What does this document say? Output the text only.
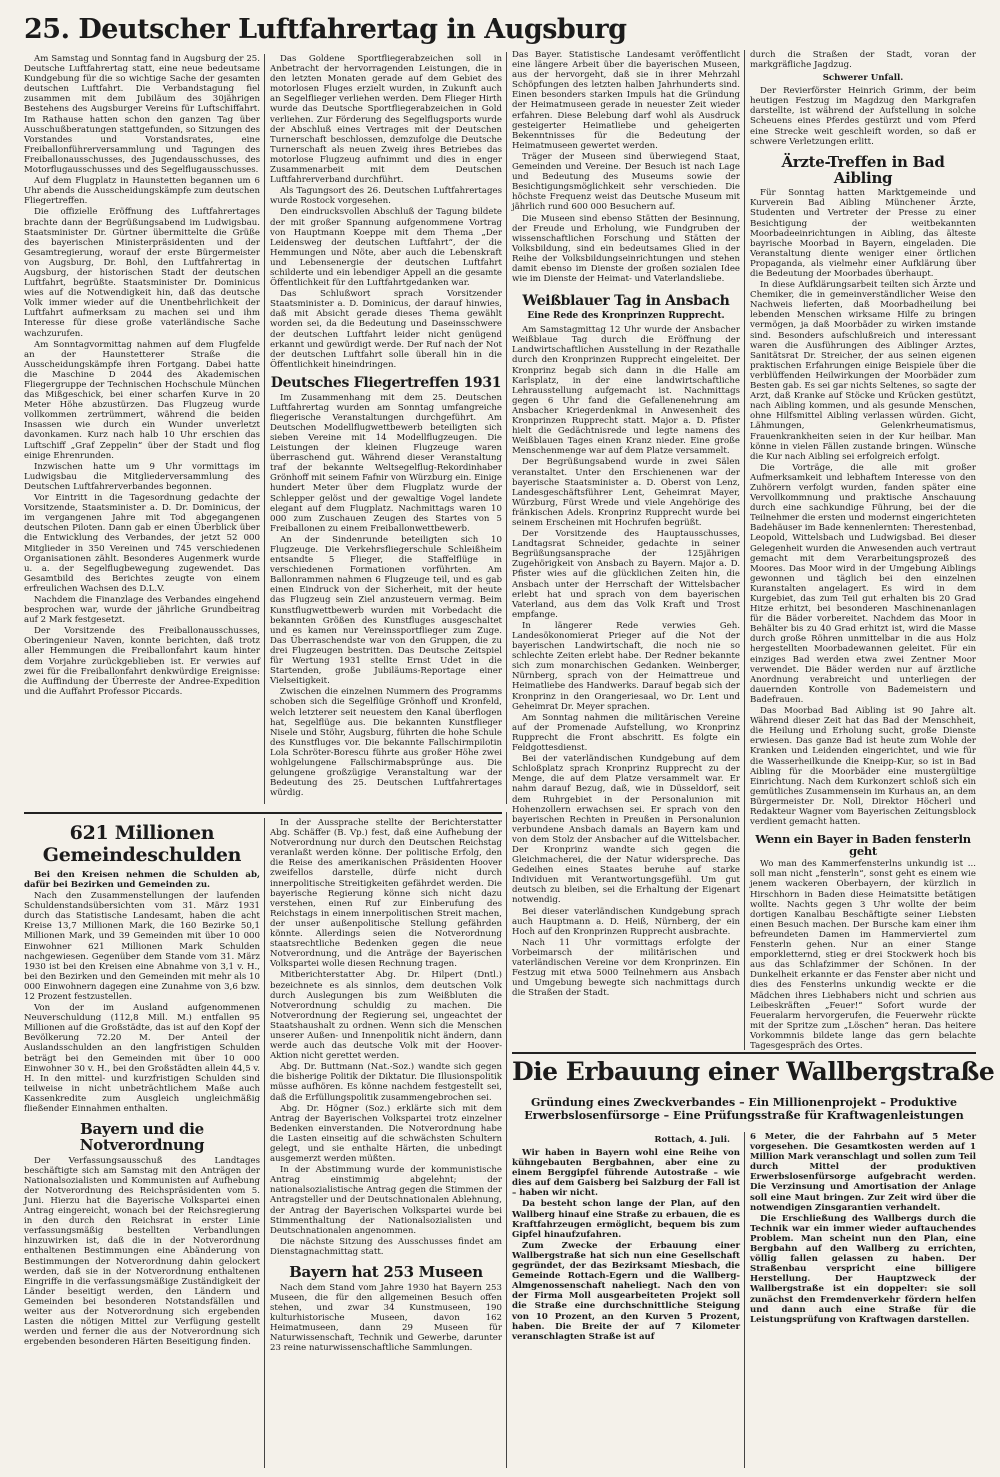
25. Deutscher Luftfahrertag in Augsburg

Am Samstag und Sonntag fand in Augsburg der 25. Deutsche Luftfahrertag statt, eine neue bedeutsame Kundgebung für die so wichtige Sache der gesamten deutschen Luftfahrt. Die Verbandstagung fiel zusammen mit dem Jubiläum des 30jährigen Bestehens des Augsburger Vereins für Luftschiffahrt. Im Rathause hatten schon den ganzen Tag über Ausschußberatungen stattgefunden, so Sitzungen des Vorstandes und Vorstandsrates, eine Freiballonführerversammlung und Tagungen des Freiballonausschusses, des Jugendausschusses, des Motorflugausschusses und des Segelflugausschusses.

Auf dem Flugplatz in Haunstetten begannen um 6 Uhr abends die Ausscheidungskämpfe zum deutschen Fliegertreffen.

Die offizielle Eröffnung des Luftfahrertages brachte dann der Begrüßungsabend im Ludwigsbau. Staatsminister Dr. Gürtner übermittelte die Grüße des bayerischen Ministerpräsidenten und der Gesamtregierung, worauf der erste Bürgermeister von Augsburg, Dr. Bohl, den Luftfahrertag in Augsburg, der historischen Stadt der deutschen Luftfahrt, begrüßte. Staatsminister Dr. Dominicus wies auf die Notwendigkeit hin, daß das deutsche Volk immer wieder auf die Unentbehrlichkeit der Luftfahrt aufmerksam zu machen sei und ihm Interesse für diese große vaterländische Sache wachzurufen.

Am Sonntagvormittag nahmen auf dem Flugfelde an der Haunstetterer Straße die Ausscheidungskämpfe ihren Fortgang. Dabei hatte die Maschine D 2044 des Akademischen Fliegergruppe der Technischen Hochschule München das Mißgeschick, bei einer scharfen Kurve in 20 Meter Höhe abzustürzen. Das Flugzeug wurde vollkommen zertrümmert, während die beiden Insassen wie durch ein Wunder unverletzt davonkamen. Kurz nach halb 10 Uhr erschien das Luftschiff „Graf Zeppelin“ über der Stadt und flog einige Ehrenrunden.

Inzwischen hatte um 9 Uhr vormittags im Ludwigsbau die Mitgliederversammlung des Deutschen Luftfahrerverbandes begonnen.

Vor Eintritt in die Tagesordnung gedachte der Vorsitzende, Staatsminister a. D. Dr. Dominicus, der im vergangenen Jahre mit Tod abgegangenen deutschen Piloten. Dann gab er einen Überblick über die Entwicklung des Verbandes, der jetzt 52 000 Mitglieder in 350 Vereinen und 745 verschiedenen Organisationen zählt. Besonderes Augenmerk wurde u. a. der Segelflugbewegung zugewendet. Das Gesamtbild des Berichtes zeugte von einem erfreulichen Wachsen des D.L.V.

Nachdem die Finanzlage des Verbandes eingehend besprochen war, wurde der jährliche Grundbeitrag auf 2 Mark festgesetzt.

Der Vorsitzende des Freiballonausschusses, Oberingenieur Naven, konnte berichten, daß trotz aller Hemmungen die Freiballonfahrt kaum hinter dem Vorjahre zurückgeblieben ist. Er verwies auf zwei für die Freiballonfahrt denkwürdige Ereignisse: die Auffindung der Überreste der Andree-Expedition und die Auffahrt Professor Piccards.

Das Goldene Sportfliegerabzeichen soll in Anbetracht der hervorragenden Leistungen, die in den letzten Monaten gerade auf dem Gebiet des motorlosen Fluges erzielt wurden, in Zukunft auch an Segelflieger verliehen werden. Dem Flieger Hirth wurde das Deutsche Sportfliegerabzeichen in Gold verliehen. Zur Förderung des Segelflugsports wurde der Abschluß eines Vertrages mit der Deutschen Turnerschaft beschlossen, demzufolge die Deutsche Turnerschaft als neuen Zweig ihres Betriebes das motorlose Flugzeug aufnimmt und dies in enger Zusammenarbeit mit dem Deutschen Luftfahrerverband durchführt.

Als Tagungsort des 26. Deutschen Luftfahrertages wurde Rostock vorgesehen.

Den eindrucksvollen Abschluß der Tagung bildete der mit großer Spannung aufgenommene Vortrag von Hauptmann Koeppe mit dem Thema „Der Leidensweg der deutschen Luftfahrt“, der die Hemmungen und Nöte, aber auch die Lebenskraft und Lebensenergie der deutschen Luftfahrt schilderte und ein lebendiger Appell an die gesamte Öffentlichkeit für den Luftfahrtgedanken war.

Das Schlußwort sprach Vorsitzender Staatsminister a. D. Dominicus, der darauf hinwies, daß mit Absicht gerade dieses Thema gewählt worden sei, da die Bedeutung und Daseinsschwere der deutschen Luftfahrt leider nicht genügend erkannt und gewürdigt werde. Der Ruf nach der Not der deutschen Luftfahrt solle überall hin in die Öffentlichkeit hineindringen.

Deutsches Fliegertreffen 1931

Im Zusammenhang mit dem 25. Deutschen Luftfahrertag wurden am Sonntag umfangreiche fliegerische Veranstaltungen durchgeführt. Am Deutschen Modellflugwettbewerb beteiligten sich sieben Vereine mit 14 Modellflugzeugen. Die Leistungen der kleinen Flugzeuge waren überraschend gut. Während dieser Veranstaltung traf der bekannte Weltsegelflug-Rekordinhaber Grönhoff mit seinem Fafnir von Würzburg ein. Einige hundert Meter über dem Flugplatz wurde der Schlepper gelöst und der gewaltige Vogel landete elegant auf dem Flugplatz. Nachmittags waren 10 000 zum Zuschauen Zeugen des Startes von 5 Freiballonen zu einem Freiballonwettbewerb.

An der Sindenrunde beteiligten sich 10 Flugzeuge. Die Verkehrsfliegerschule Schleißheim entsandte 5 Flieger, die Staffelflüge in verschiedenen Formationen vorführten. Am Ballonrammen nahmen 6 Flugzeuge teil, und es gab einen Eindruck von der Sicherheit, mit der heute das Flugzeug sein Ziel anzusteuern vermag. Beim Kunstflugwettbewerb wurden mit Vorbedacht die bekannten Größen des Kunstfluges ausgeschaltet und es kamen nur Vereinssportflieger zum Zuge. Das Überraschendste war von den Gruppen, die zu drei Flugzeugen bestritten. Das Deutsche Zeitspiel für Wertung 1931 stellte Ernst Udet in die Startenden, große Jubiläums-Reportage einer Vielseitigkeit.

Zwischen die einzelnen Nummern des Programms schoben sich die Segelflüge Grönhoff und Kronfeld, welch letzterer seit neuestem den Kanal überflogen hat, Segelflüge aus. Die bekannten Kunstflieger Nisele und Stöhr, Augsburg, führten die hohe Schule des Kunstfluges vor. Die bekannte Fallschirmpilotin Lola Schröter-Borescu führte aus großer Höhe zwei wohlgelungene Fallschirmabsprünge aus. Die gelungene großzügige Veranstaltung war der Bedeutung des 25. Deutschen Luftfahrertages würdig.

Das Bayer. Statistische Landesamt veröffentlicht eine längere Arbeit über die bayerischen Museen, aus der hervorgeht, daß sie in ihrer Mehrzahl Schöpfungen des letzten halben Jahrhunderts sind. Einen besonders starken Impuls hat die Gründung der Heimatmuseen gerade in neuester Zeit wieder erfahren. Diese Belebung darf wohl als Ausdruck gesteigerter Heimatliebe und geheigerten Bekenntnisses für die Bedeutung der Heimatmuseen gewertet werden.

Träger der Museen sind überwiegend Staat, Gemeinden und Vereine. Der Besuch ist nach Lage und Bedeutung des Museums sowie der Besichtigungsmöglichkeit sehr verschieden. Die höchste Frequenz weist das Deutsche Museum mit jährlich rund 600 000 Besuchern auf.

Die Museen sind ebenso Stätten der Besinnung, der Freude und Erholung, wie Fundgruben der wissenschaftlichen Forschung und Stätten der Volksbildung, sind ein bedeutsames Glied in der Reihe der Volksbildungseinrichtungen und stehen damit ebenso im Dienste der großen sozialen Idee wie im Dienste der Heimat- und Vaterlandsliebe.

Weißblauer Tag in Ansbach
Eine Rede des Kronprinzen Rupprecht.

Am Samstagmittag 12 Uhr wurde der Ansbacher Weißblaue Tag durch die Eröffnung der Landwirtschaftlichen Ausstellung in der Rezathalle durch den Kronprinzen Rupprecht eingeleitet. Der Kronprinz begab sich dann in die Halle am Karlsplatz, in der eine landwirtschaftliche Lehrausstellung aufgemacht ist. Nachmittags gegen 6 Uhr fand die Gefallenenehrung am Ansbacher Kriegerdenkmal in Anwesenheit des Kronprinzen Rupprecht statt. Major a. D. Pfister hielt die Gedächtnisrede und legte namens des Weißblauen Tages einen Kranz nieder. Eine große Menschenmenge war auf dem Platze versammelt.

Der Begrüßungsabend wurde in zwei Sälen veranstaltet. Unter den Erschienenen war der bayerische Staatsminister a. D. Oberst von Lenz, Landesgeschäftsführer Lent, Geheimrat Mayer, Würzburg, Fürst Wrede und viele Angehörige des fränkischen Adels. Kronprinz Rupprecht wurde bei seinem Erscheinen mit Hochrufen begrüßt.

Der Vorsitzende des Hauptausschusses, Landtagsrat Schneider, gedachte in seiner Begrüßungsansprache der 125jährigen Zugehörigkeit von Ansbach zu Bayern. Major a. D. Pfister wies auf die glücklichen Zeiten hin, die Ansbach unter der Herrschaft der Wittelsbacher erlebt hat und sprach von dem bayerischen Vaterland, aus dem das Volk Kraft und Trost empfange.

In längerer Rede verwies Geh. Landesökonomierat Prieger auf die Not der bayerischen Landwirtschaft, die noch nie so schlechte Zeiten erlebt habe. Der Redner bekannte sich zum monarchischen Gedanken. Weinberger, Nürnberg, sprach von der Heimattreue und Heimatliebe des Handwerks. Darauf begab sich der Kronprinz in den Orangeriesaal, wo Dr. Lent und Geheimrat Dr. Meyer sprachen.

Am Sonntag nahmen die militärischen Vereine auf der Promenade Aufstellung, wo Kronprinz Rupprecht die Front abschritt. Es folgte ein Feldgottesdienst.

Bei der vaterländischen Kundgebung auf dem Schloßplatz sprach Kronprinz Rupprecht zu der Menge, die auf dem Platze versammelt war. Er nahm darauf Bezug, daß, wie in Düsseldorf, seit dem Ruhrgebiet in der Personalunion mit Hohenzollern erwachsen sei. Er sprach von den bayerischen Rechten in Preußen in Personalunion verbundene Ansbach damals an Bayern kam und von dem Stolz der Ansbacher auf die Wittelsbacher. Der Kronprinz wandte sich gegen die Gleichmacherei, die der Natur widerspreche. Das Gedeihen eines Staates beruhe auf starke Individuen mit Verantwortungsgefühl. Um gut deutsch zu bleiben, sei die Erhaltung der Eigenart notwendig.

Bei dieser vaterländischen Kundgebung sprach auch Hauptmann a. D. Heiß, Nürnberg, der ein Hoch auf den Kronprinzen Rupprecht ausbrachte.

Nach 11 Uhr vormittags erfolgte der Vorbeimarsch der militärischen und vaterländischen Vereine vor dem Kronprinzen. Ein Festzug mit etwa 5000 Teilnehmern aus Ansbach und Umgebung bewegte sich nachmittags durch die Straßen der Stadt.

durch die Straßen der Stadt, voran der markgräfliche Jagdzug.

Schwerer Unfall.

Der Revierförster Heinrich Grimm, der beim heutigen Festzug im Magdzug den Markgrafen darstellte, ist während der Aufstellung in solche Scheuens eines Pferdes gestürzt und vom Pferd eine Strecke weit geschleift worden, so daß er schwere Verletzungen erlitt.

Ärzte-Treffen in Bad Aibling

Für Sonntag hatten Marktgemeinde und Kurverein Bad Aibling Münchener Ärzte, Studenten und Vertreter der Presse zu einer Besichtigung der weitbekannten Moorbadeeinrichtungen in Aibling, das älteste bayrische Moorbad in Bayern, eingeladen. Die Veranstaltung diente weniger einer örtlichen Propaganda, als vielmehr einer Aufklärung über die Bedeutung der Moorbades überhaupt.

In diese Aufklärungsarbeit teilten sich Ärzte und Chemiker, die in gemeinverständlicher Weise den Nachweis lieferten, daß Moorbadheilung bei lebenden Menschen wirksame Hilfe zu bringen vermögen, ja daß Moorbäder zu wirken imstande sind. Besonders aufschlußreich und interessant waren die Ausführungen des Aiblinger Arztes, Sanitätsrat Dr. Streicher, der aus seinen eigenen praktischen Erfahrungen einige Beispiele über die verblüffenden Heilwirkungen der Moorbäder zum Besten gab. Es sei gar nichts Seltenes, so sagte der Arzt, daß Kranke auf Stöcke und Krücken gestützt, nach Aibling kommen, und als gesunde Menschen, ohne Hilfsmittel Aibling verlassen würden. Gicht, Lähmungen, Gelenkrheumatismus, Frauenkrankheiten seien in der Kur heilbar. Man könne in vielen Fällen zustande bringen. Wünsche die Kur nach Aibling sei erfolgreich erfolgt.

Die Vorträge, die alle mit großer Aufmerksamkeit und lebhaftem Interesse von den Zuhörern verfolgt wurden, fanden später eine Vervollkommnung und praktische Anschauung durch eine sachkundige Führung, bei der die Teilnehmer die ersten und modernst eingerichteten Badehäuser im Bade kennenlernten: Therestenbad, Leopold, Wittelsbach und Ludwigsbad. Bei dieser Gelegenheit wurden die Anwesenden auch vertraut gemacht mit dem Verarbeitungsprozeß des Moores. Das Moor wird in der Umgebung Aiblings gewonnen und täglich bei den einzelnen Kuranstalten angelagert. Es wird in dem Kurgebiet, das zum Teil gut erhalten bis 20 Grad Hitze erhitzt, bei besonderen Maschinenanlagen für die Bäder vorbereitet. Nachdem das Moor in Behälter bis zu 40 Grad erhitzt ist, wird die Masse durch große Röhren unmittelbar in die aus Holz hergestellten Moorbadewannen geleitet. Für ein einziges Bad werden etwa zwei Zentner Moor verwendet. Die Bäder werden nur auf ärztliche Anordnung verabreicht und unterliegen der dauernden Kontrolle von Bademeistern und Badefrauen.

Das Moorbad Bad Aibling ist 90 Jahre alt. Während dieser Zeit hat das Bad der Menschheit, die Heilung und Erholung sucht, große Dienste erwiesen. Das ganze Bad ist heute zum Wohle der Kranken und Leidenden eingerichtet, und wie für die Wasserheilkunde die Kneipp-Kur, so ist in Bad Aibling für die Moorbäder eine mustergültige Einrichtung. Nach dem Kurkonzert schloß sich ein gemütliches Zusammensein im Kurhaus an, an dem Bürgermeister Dr. Noll, Direktor Höcherl und Redakteur Wagner vom Bayerischen Zeitungsblock verdient gemacht hatten.

Wenn ein Bayer in Baden fensterln geht

Wo man des Kammerfensterlns unkundig ist ... soll man nicht „fensterln“, sonst geht es einem wie jenem wackeren Oberbayern, der kürzlich in Hirschhorn in Baden diese Heimatsitte betätigen wollte. Nachts gegen 3 Uhr wollte der beim dortigen Kanalbau Beschäftigte seiner Liebsten einen Besuch machen. Der Bursche kam einer ihm befreundeten Damen im Hammerviertel zum Fensterln gehen. Nur an einer Stange emporkletternd, stieg er drei Stockwerk hoch bis aus das Schlafzimmer der Schönen. In der Dunkelheit erkannte er das Fenster aber nicht und dies des Fensterlns unkundig weckte er die Mädchen ihres Liebhabers nicht und schrien aus Leibeskräften „Feuer!“ Sofort wurde der Feueralarm hervorgerufen, die Feuerwehr rückte mit der Spritze zum „Löschen“ heran. Das heitere Vorkommnis bildete lange das gern belachte Tagesgespräch des Ortes.

621 Millionen
Gemeindeschulden

Bei den Kreisen nehmen die Schulden ab, dafür bei Bezirken und Gemeinden zu.

Nach den Zusammenstellungen der laufenden Schuldenstandsübersichten vom 31. März 1931 durch das Statistische Landesamt, haben die acht Kreise 13,7 Millionen Mark, die 160 Bezirke 50,1 Millionen Mark, und 39 Gemeinden mit über 10 000 Einwohner 621 Millionen Mark Schulden nachgewiesen. Gegenüber dem Stande vom 31. März 1930 ist bei den Kreisen eine Abnahme von 3,1 v. H., bei den Bezirken und den Gemeinden mit mehr als 10 000 Einwohnern dagegen eine Zunahme von 3,6 bzw. 12 Prozent festzustellen.

Von der im Ausland aufgenommenen Neuverschuldung (112,8 Mill. M.) entfallen 95 Millionen auf die Großstädte, das ist auf den Kopf der Bevölkerung 72.20 M. Der Anteil der Auslandsschulden an den langfristigen Schulden beträgt bei den Gemeinden mit über 10 000 Einwohner 30 v. H., bei den Großstädten allein 44,5 v. H. In den mittel- und kurzfristigen Schulden sind teilweise in nicht unbeträchtlichem Maße auch Kassenkredite zum Ausgleich ungleichmäßig fließender Einnahmen enthalten.

Bayern und die Notverordnung

Der Verfassungsausschuß des Landtages beschäftigte sich am Samstag mit den Anträgen der Nationalsozialisten und Kommunisten auf Aufhebung der Notverordnung des Reichspräsidenten vom 5. Juni. Hierzu hat die Bayerische Volkspartei einen Antrag eingereicht, wonach bei der Reichsregierung in den durch den Reichsrat in erster Linie verfassungsmäßig bestellten Verbandlungen hinzuwirken ist, daß die in der Notverordnung enthaltenen Bestimmungen eine Abänderung von Bestimmungen der Notverordnung dahin gelockert werden, daß sie in der Notverordnung enthaltenen Eingriffe in die verfassungsmäßige Zuständigkeit der Länder beseitigt werden, den Ländern und Gemeinden bei besonderen Notstandsfällen und weiter aus der Notverordnung sich ergebenden Lasten die nötigen Mittel zur Verfügung gestellt werden und ferner die aus der Notverordnung sich ergebenden besonderen Härten Beseitigung finden.

In der Aussprache stellte der Berichterstatter Abg. Schäffer (B. Vp.) fest, daß eine Aufhebung der Notverordnung nur durch den Deutschen Reichstag veranlaßt werden könne. Der politische Erfolg, den die Reise des amerikanischen Präsidenten Hoover zweifellos darstelle, dürfe nicht durch innerpolitische Streitigkeiten gefährdet werden. Die bayerische Regierung könne sich nicht dazu verstehen, einen Ruf zur Einberufung des Reichstags in einem innerpolitischen Streit machen, der unser außenpolitische Stellung gefährden könnte. Allerdings seien die Notverordnung staatsrechtliche Bedenken gegen die neue Notverordnung, und die Anträge der Bayerischen Volkspartei wolle diesen Rechnung tragen.

Mitberichterstatter Abg. Dr. Hilpert (Dntl.) bezeichnete es als sinnlos, dem deutschen Volk durch Auslegungen bis zum Weißbluten die Notverordnung schuldig zu machen. Die Notverordnung der Regierung sei, ungeachtet der Staatshaushalt zu ordnen. Wenn sich die Menschen unserer Außen- und Innenpolitik nicht ändern, dann werde auch das deutsche Volk mit der Hoover-Aktion nicht gerettet werden.

Abg. Dr. Buttmann (Nat.-Soz.) wandte sich gegen die bisherige Politik der Diktatur. Die Illusionspolitik müsse aufhören. Es könne nachdem festgestellt sei, daß die Erfüllungspolitik zusammengebrochen sei.

Abg. Dr. Högner (Soz.) erklärte sich mit dem Antrag der Bayerischen Volkspartei trotz einzelner Bedenken einverstanden. Die Notverordnung habe die Lasten einseitig auf die schwächsten Schultern gelegt, und sie enthalte Härten, die unbedingt ausgemerzt werden müßten.

In der Abstimmung wurde der kommunistische Antrag einstimmig abgelehnt; der nationalsozialistische Antrag gegen die Stimmen der Antragsteller und der Deutschnationalen Ablehnung, der Antrag der Bayerischen Volkspartei wurde bei Stimmenthaltung der Nationalsozialisten und Deutschnationalen angenommen.

Die nächste Sitzung des Ausschusses findet am Dienstagnachmittag statt.

Bayern hat 253 Museen

Nach dem Stand vom Jahre 1930 hat Bayern 253 Museen, die für den allgemeinen Besuch offen stehen, und zwar 34 Kunstmuseen, 190 kulturhistorische Museen, davon 162 Heimatmuseen, dann 29 Museen für Naturwissenschaft, Technik und Gewerbe, darunter 23 reine naturwissenschaftliche Sammlungen.

Die Erbauung einer Wallbergstraße
Gründung eines Zweckverbandes – Ein Millionenprojekt – Produktive Erwerbslosenfürsorge – Eine Prüfungsstraße für Kraftwagenleistungen
Rottach, 4. Juli.

Wir haben in Bayern wohl eine Reihe von kühngebauten Bergbahnen, aber eine zu einem Berggipfel führende Autostraße – wie dies auf dem Gaisberg bei Salzburg der Fall ist – haben wir nicht.

Da besteht schon lange der Plan, auf den Wallberg hinauf eine Straße zu erbauen, die es Kraftfahrzeugen ermöglicht, bequem bis zum Gipfel hinaufzufahren.

Zum Zwecke der Erbauung einer Wallbergstraße hat sich nun eine Gesellschaft gegründet, der das Bezirksamt Miesbach, die Gemeinde Rottach-Egern und die Wallberg-Almgenossenschaft naheliegt. Nach den von der Firma Moll ausgearbeiteten Projekt soll die Straße eine durchschnittliche Steigung von 10 Prozent, an den Kurven 5 Prozent, haben. Die Breite der auf 7 Kilometer veranschlagten Straße ist auf

6 Meter, die der Fahrbahn auf 5 Meter vorgesehen. Die Gesamtkosten werden auf 1 Million Mark veranschlagt und sollen zum Teil durch Mittel der produktiven Erwerbslosenfürsorge aufgebracht werden. Die Verzinsung und Amortisation der Anlage soll eine Maut bringen. Zur Zeit wird über die notwendigen Zinsgarantien verhandelt.

Die Erschließung des Wallbergs durch die Technik war ein immer wieder auftauchendes Problem. Man scheint nun den Plan, eine Bergbahn auf den Wallberg zu errichten, völlig fallen gelassen zu haben. Der Straßenbau verspricht eine billigere Herstellung. Der Hauptzweck der Wallbergstraße ist ein doppelter: sie soll zunächst den Fremdenverkehr fördern helfen und dann auch eine Straße für die Leistungsprüfung von Kraftwagen darstellen.
